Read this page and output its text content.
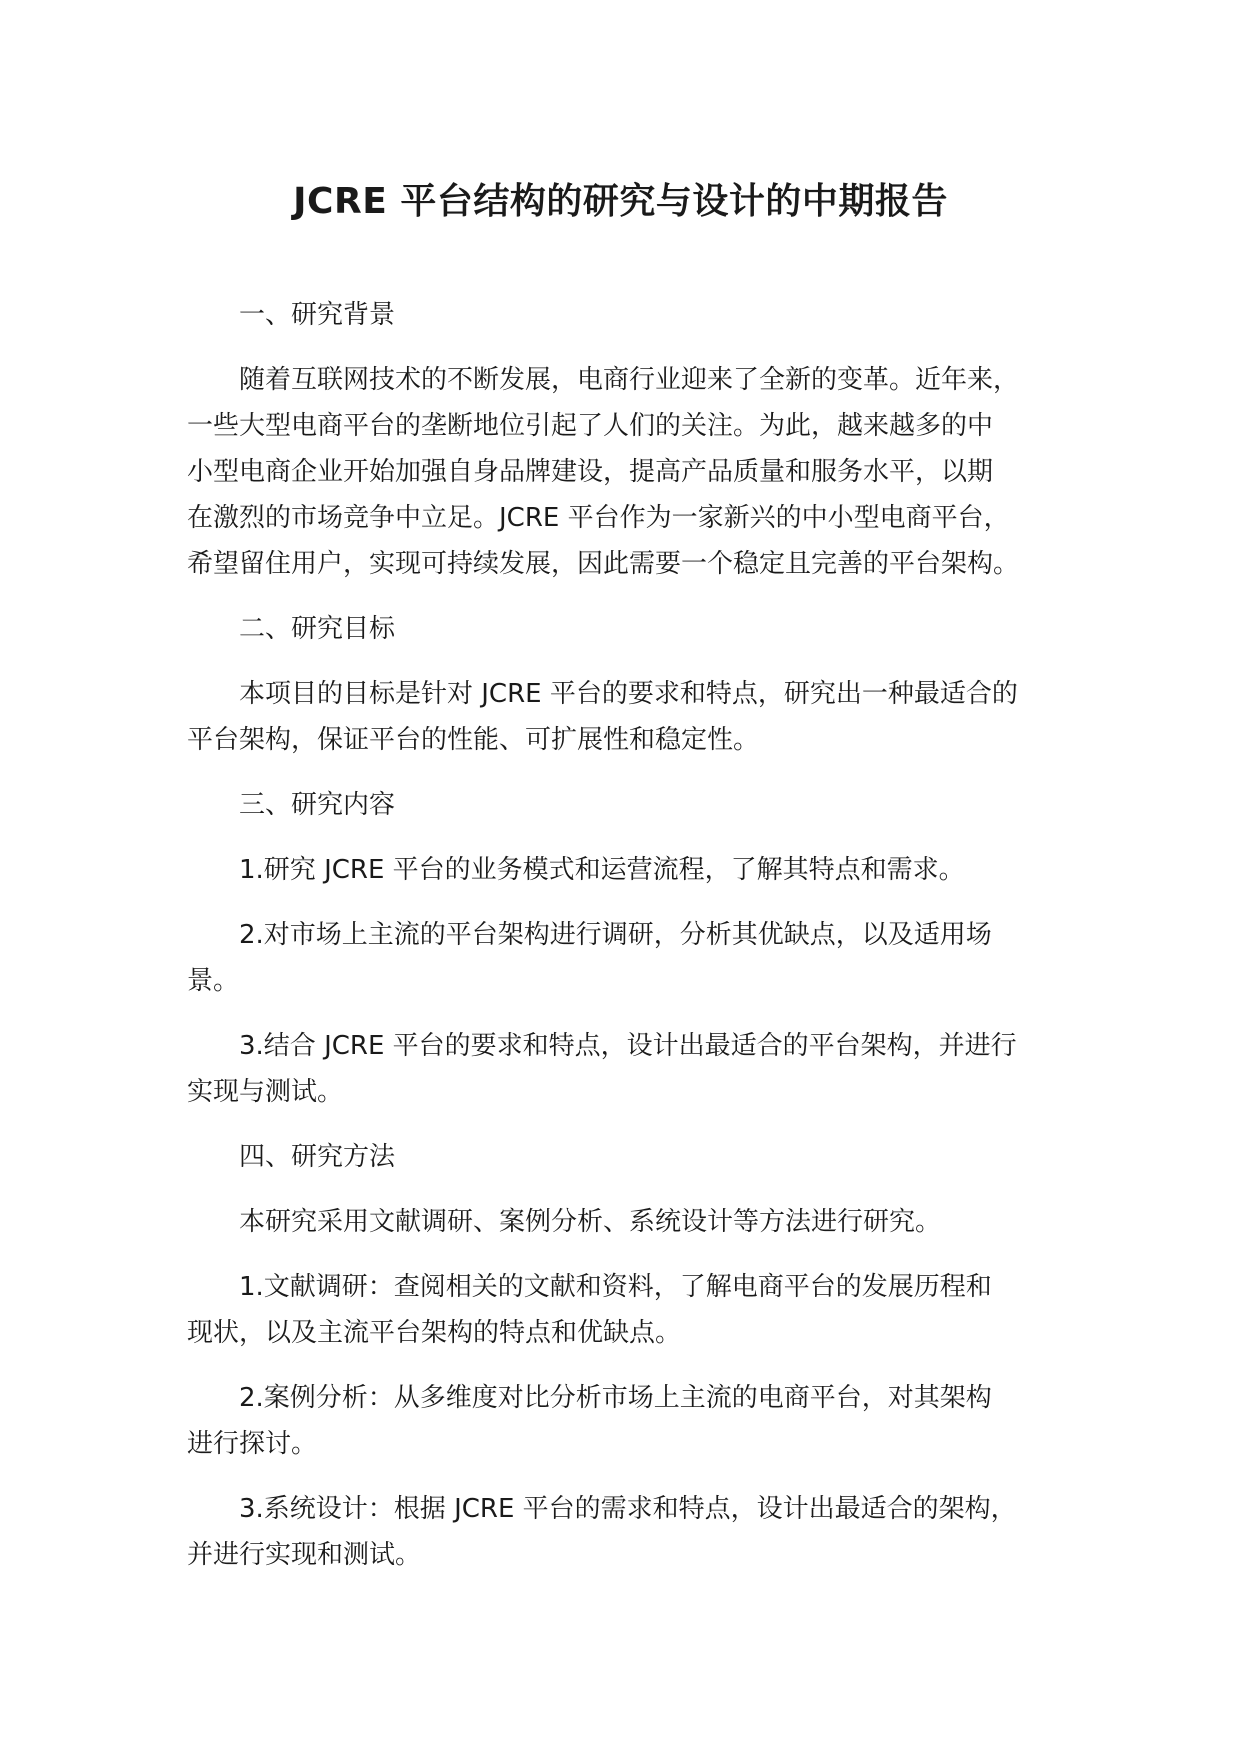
JCRE 平台结构的研究与设计的中期报告

一、研究背景

随着互联网技术的不断发展，电商行业迎来了全新的变革。近年来，
一些大型电商平台的垄断地位引起了人们的关注。为此，越来越多的中
小型电商企业开始加强自身品牌建设，提高产品质量和服务水平，以期
在激烈的市场竞争中立足。JCRE 平台作为一家新兴的中小型电商平台，
希望留住用户，实现可持续发展，因此需要一个稳定且完善的平台架构。

二、研究目标

本项目的目标是针对 JCRE 平台的要求和特点，研究出一种最适合的
平台架构，保证平台的性能、可扩展性和稳定性。

三、研究内容

1.研究 JCRE 平台的业务模式和运营流程，了解其特点和需求。

2.对市场上主流的平台架构进行调研，分析其优缺点，以及适用场
景。

3.结合 JCRE 平台的要求和特点，设计出最适合的平台架构，并进行
实现与测试。

四、研究方法

本研究采用文献调研、案例分析、系统设计等方法进行研究。

1.文献调研：查阅相关的文献和资料，了解电商平台的发展历程和
现状，以及主流平台架构的特点和优缺点。

2.案例分析：从多维度对比分析市场上主流的电商平台，对其架构
进行探讨。

3.系统设计：根据 JCRE 平台的需求和特点，设计出最适合的架构，
并进行实现和测试。
